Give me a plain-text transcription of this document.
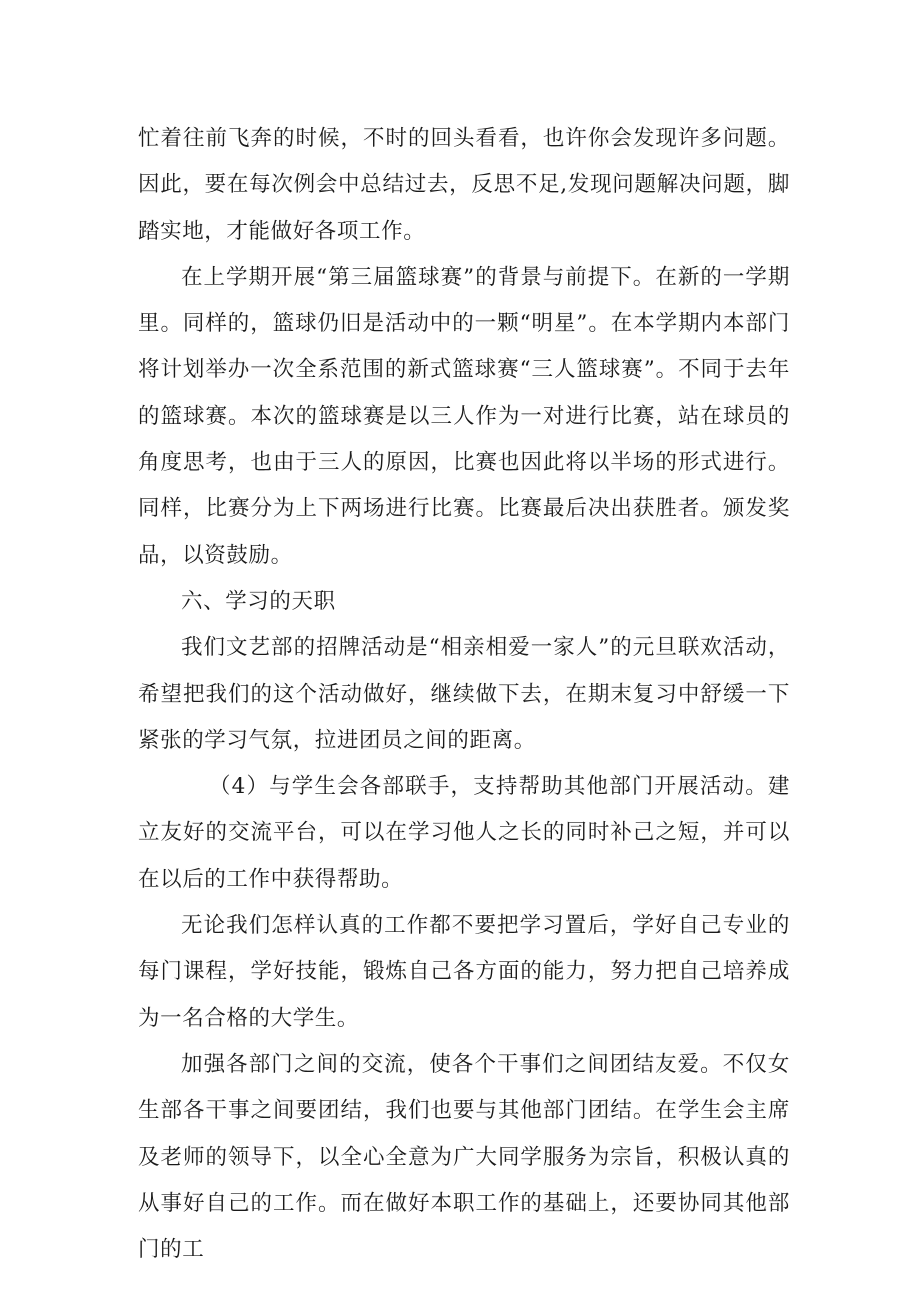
忙着往前飞奔的时候，不时的回头看看，也许你会发现许多问题。因此，要在每次例会中总结过去，反思不足,发现问题解决问题，脚踏实地，才能做好各项工作。

在上学期开展“第三届篮球赛”的背景与前提下。在新的一学期里。同样的，篮球仍旧是活动中的一颗“明星”。在本学期内本部门将计划举办一次全系范围的新式篮球赛“三人篮球赛”。不同于去年的篮球赛。本次的篮球赛是以三人作为一对进行比赛，站在球员的角度思考，也由于三人的原因，比赛也因此将以半场的形式进行。同样，比赛分为上下两场进行比赛。比赛最后决出获胜者。颁发奖品，以资鼓励。

六、学习的天职

我们文艺部的招牌活动是“相亲相爱一家人”的元旦联欢活动，希望把我们的这个活动做好，继续做下去，在期末复习中舒缓一下紧张的学习气氛，拉进团员之间的距离。

（4）与学生会各部联手，支持帮助其他部门开展活动。建立友好的交流平台，可以在学习他人之长的同时补己之短，并可以在以后的工作中获得帮助。

无论我们怎样认真的工作都不要把学习置后，学好自己专业的每门课程，学好技能，锻炼自己各方面的能力，努力把自己培养成为一名合格的大学生。

加强各部门之间的交流，使各个干事们之间团结友爱。不仅女生部各干事之间要团结，我们也要与其他部门团结。在学生会主席及老师的领导下，以全心全意为广大同学服务为宗旨，积极认真的从事好自己的工作。而在做好本职工作的基础上，还要协同其他部门的工
